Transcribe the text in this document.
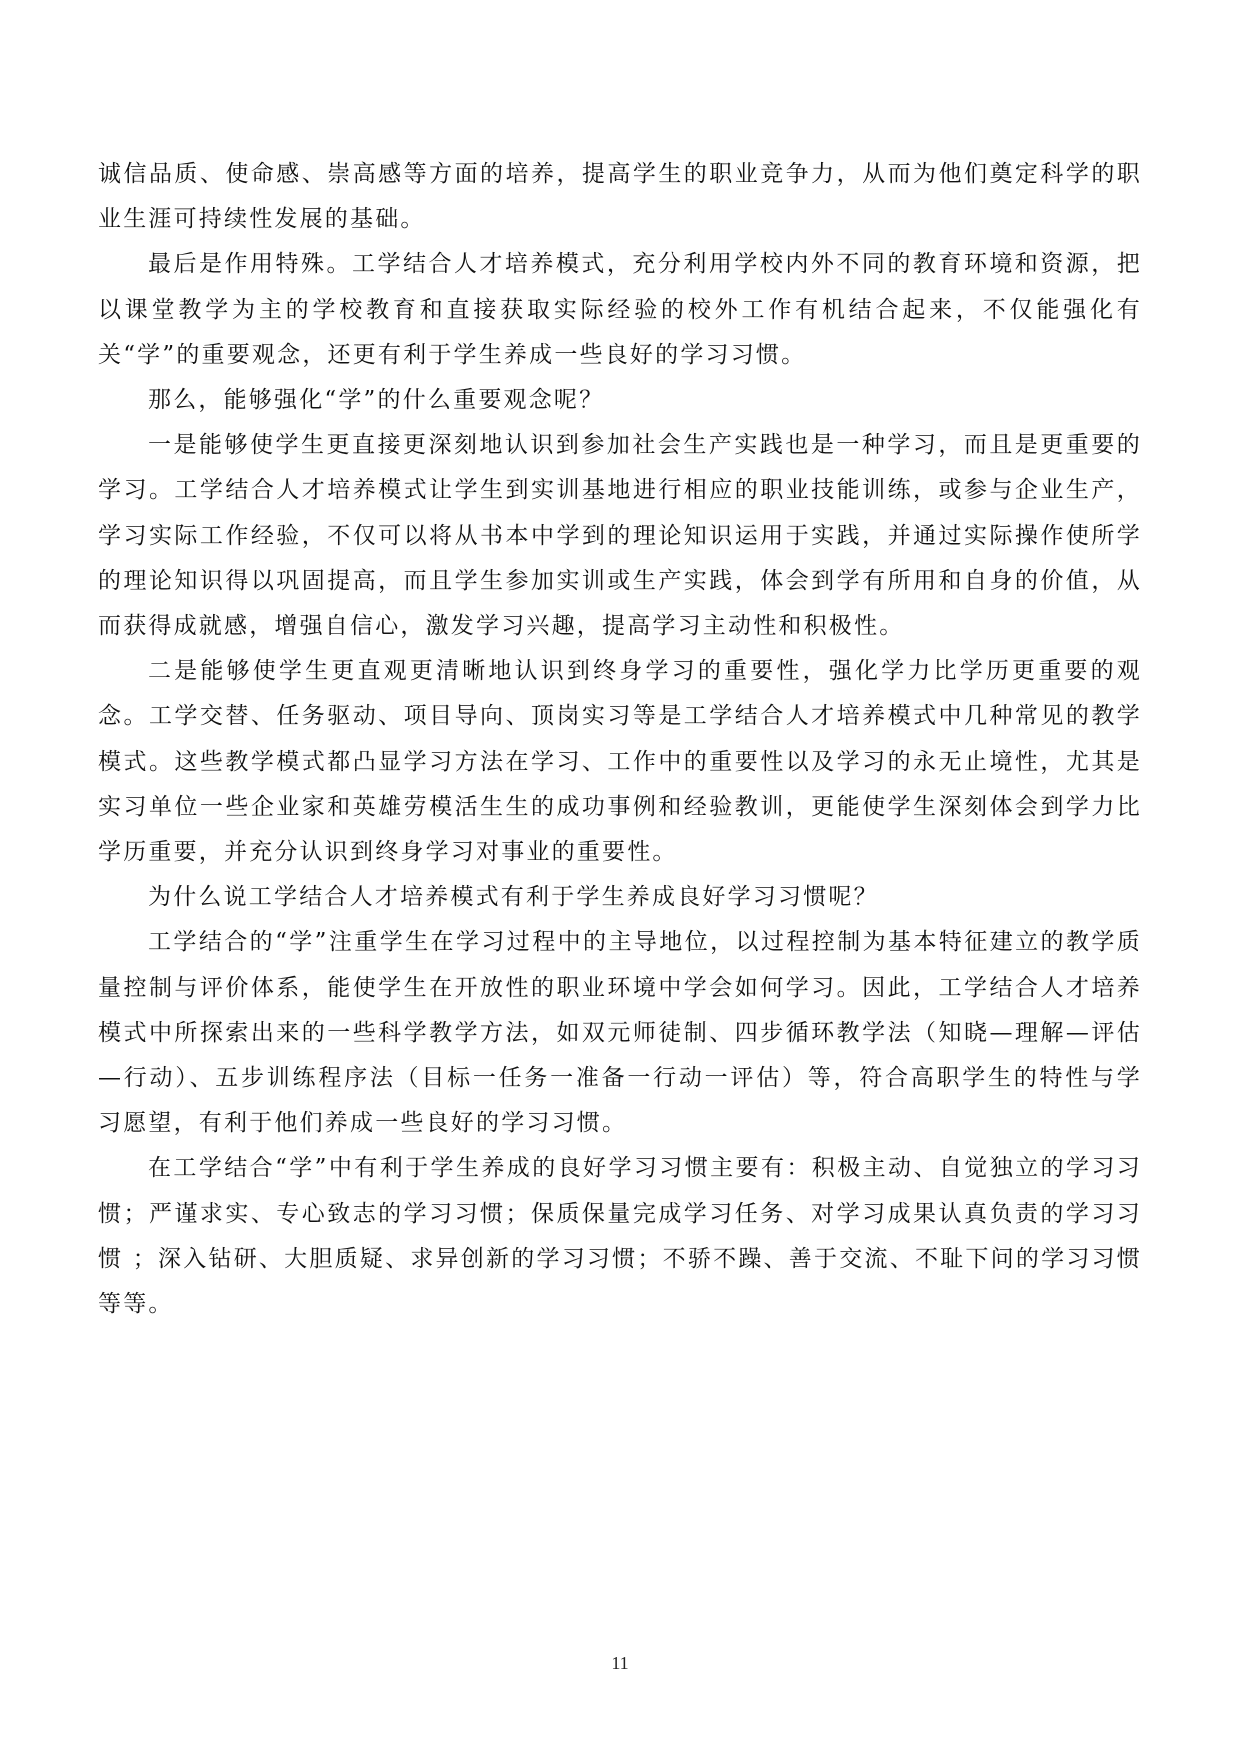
诚信品质、使命感、崇高感等方面的培养，提高学生的职业竞争力，从而为他们奠定科学的职业生涯可持续性发展的基础。

最后是作用特殊。工学结合人才培养模式，充分利用学校内外不同的教育环境和资源，把以课堂教学为主的学校教育和直接获取实际经验的校外工作有机结合起来，不仅能强化有关“学”的重要观念，还更有利于学生养成一些良好的学习习惯。

那么，能够强化“学”的什么重要观念呢？

一是能够使学生更直接更深刻地认识到参加社会生产实践也是一种学习，而且是更重要的学习。工学结合人才培养模式让学生到实训基地进行相应的职业技能训练，或参与企业生产，学习实际工作经验，不仅可以将从书本中学到的理论知识运用于实践，并通过实际操作使所学的理论知识得以巩固提高，而且学生参加实训或生产实践，体会到学有所用和自身的价值，从而获得成就感，增强自信心，激发学习兴趣，提高学习主动性和积极性。

二是能够使学生更直观更清晰地认识到终身学习的重要性，强化学力比学历更重要的观念。工学交替、任务驱动、项目导向、顶岗实习等是工学结合人才培养模式中几种常见的教学模式。这些教学模式都凸显学习方法在学习、工作中的重要性以及学习的永无止境性，尤其是实习单位一些企业家和英雄劳模活生生的成功事例和经验教训，更能使学生深刻体会到学力比学历重要，并充分认识到终身学习对事业的重要性。

为什么说工学结合人才培养模式有利于学生养成良好学习习惯呢？

工学结合的“学”注重学生在学习过程中的主导地位，以过程控制为基本特征建立的教学质量控制与评价体系，能使学生在开放性的职业环境中学会如何学习。因此，工学结合人才培养模式中所探索出来的一些科学教学方法，如双元师徒制、四步循环教学法（知晓—理解—评估—行动）、五步训练程序法（目标一任务一准备一行动一评估）等，符合高职学生的特性与学习愿望，有利于他们养成一些良好的学习习惯。

在工学结合“学”中有利于学生养成的良好学习习惯主要有：积极主动、自觉独立的学习习惯；严谨求实、专心致志的学习习惯；保质保量完成学习任务、对学习成果认真负责的学习习惯 ；深入钻研、大胆质疑、求异创新的学习习惯；不骄不躁、善于交流、不耻下问的学习习惯等等。

11
